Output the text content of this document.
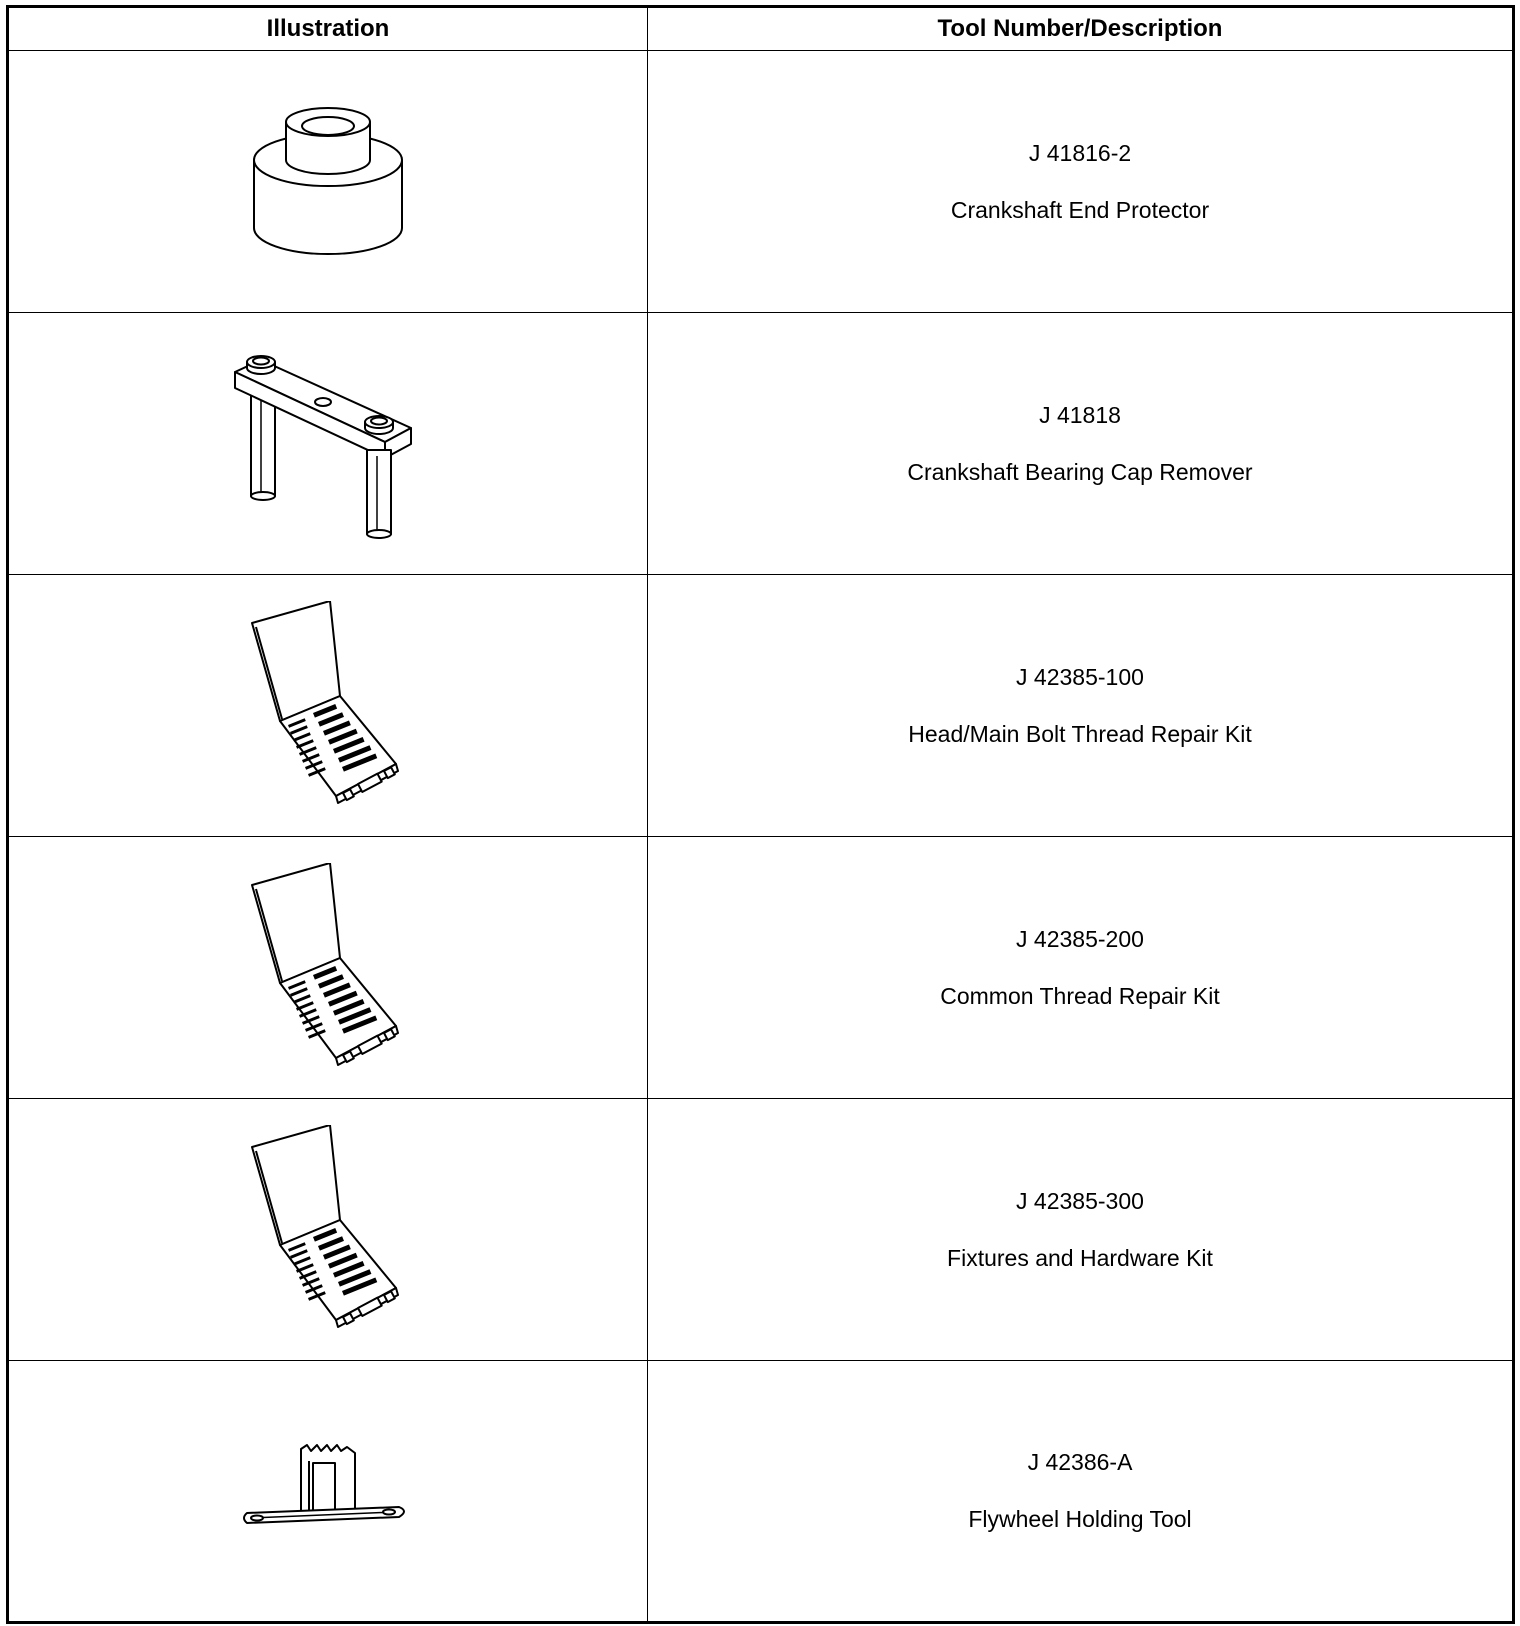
Illustration	Tool Number/Description

J 41816-2
Crankshaft End Protector

J 41818
Crankshaft Bearing Cap Remover

J 42385-100
Head/Main Bolt Thread Repair Kit

J 42385-200
Common Thread Repair Kit

J 42385-300
Fixtures and Hardware Kit

J 42386-A
Flywheel Holding Tool
